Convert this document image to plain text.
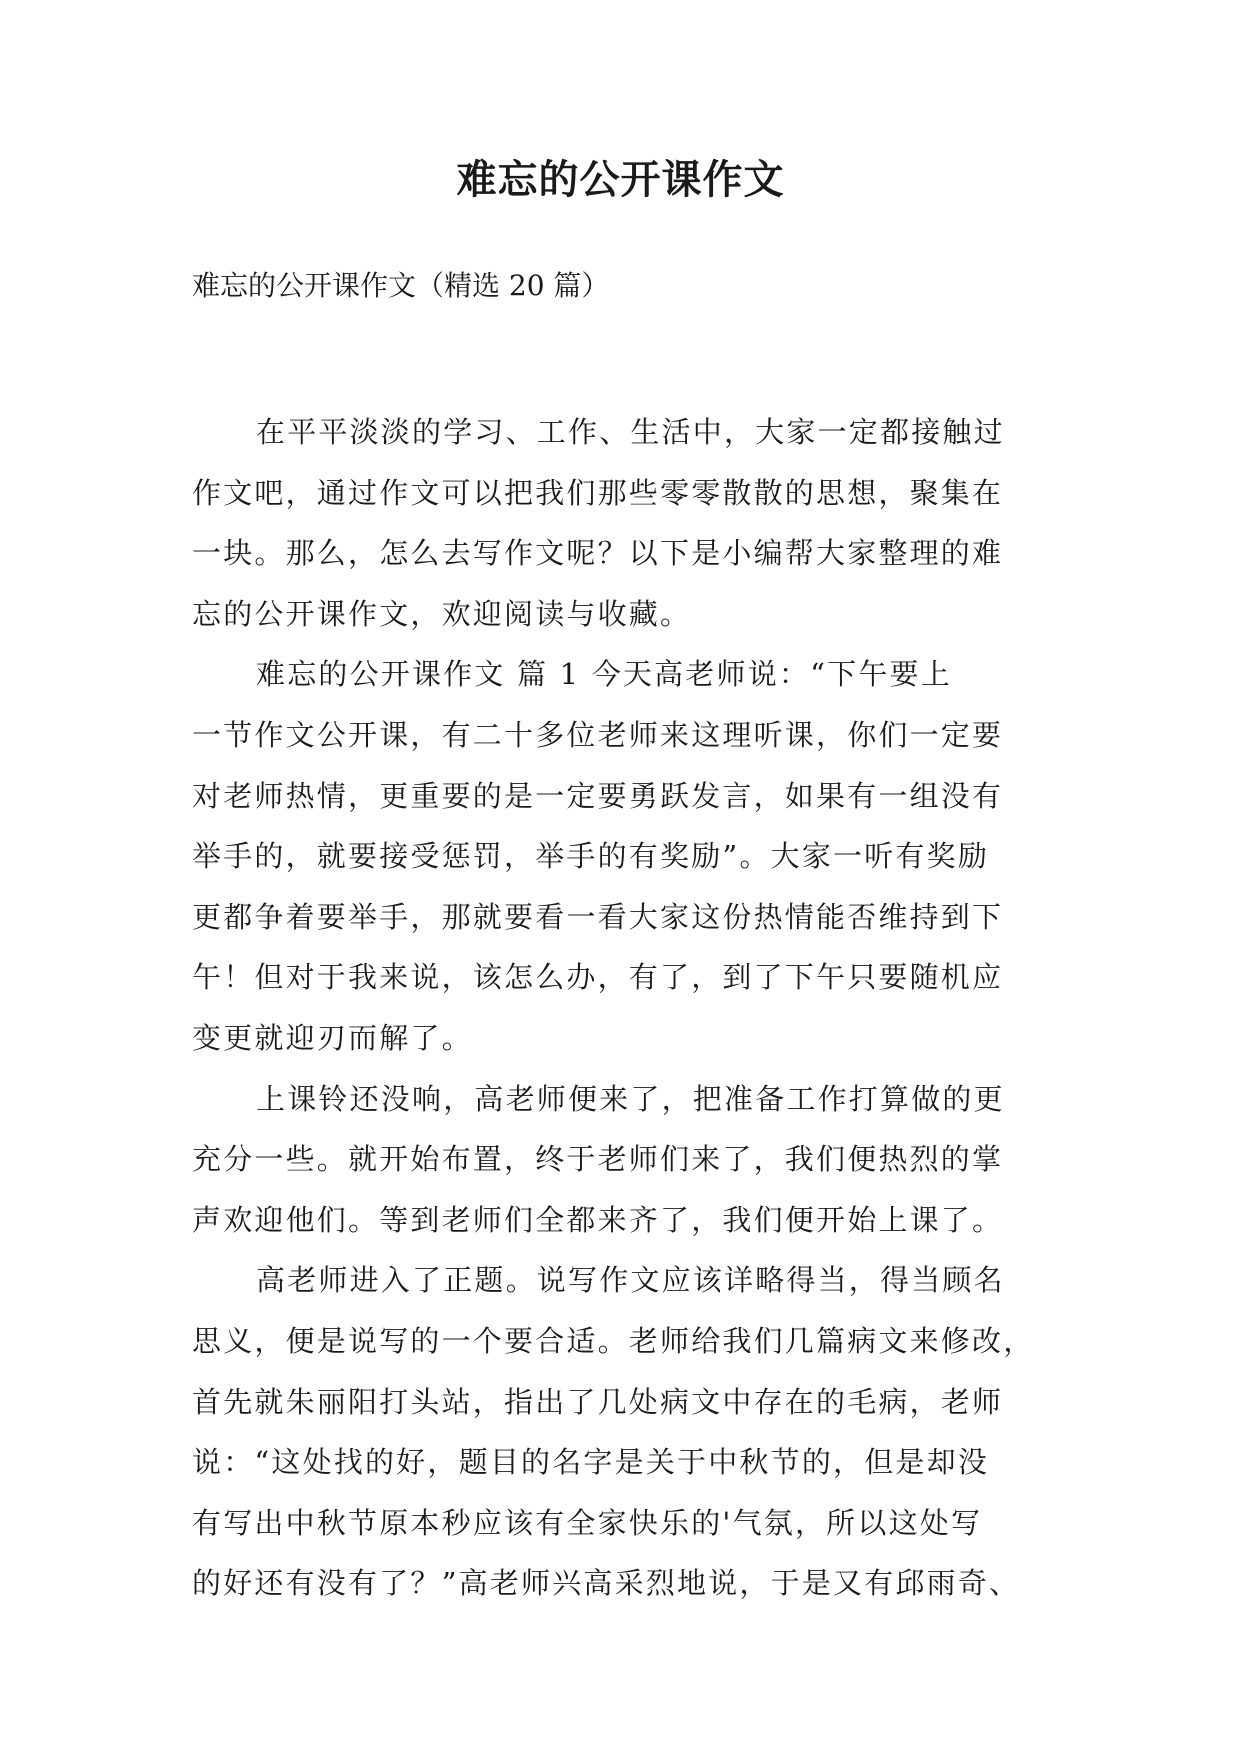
难忘的公开课作文
难忘的公开课作文（精选 20 篇）
在平平淡淡的学习、工作、生活中，大家一定都接触过
作文吧，通过作文可以把我们那些零零散散的思想，聚集在
一块。那么，怎么去写作文呢？以下是小编帮大家整理的难
忘的公开课作文，欢迎阅读与收藏。
难忘的公开课作文 篇 1 今天高老师说：“下午要上
一节作文公开课，有二十多位老师来这理听课，你们一定要
对老师热情，更重要的是一定要勇跃发言，如果有一组没有
举手的，就要接受惩罚，举手的有奖励”。大家一听有奖励
更都争着要举手，那就要看一看大家这份热情能否维持到下
午！但对于我来说，该怎么办，有了，到了下午只要随机应
变更就迎刃而解了。
上课铃还没响，高老师便来了，把准备工作打算做的更
充分一些。就开始布置，终于老师们来了，我们便热烈的掌
声欢迎他们。等到老师们全都来齐了，我们便开始上课了。
高老师进入了正题。说写作文应该详略得当，得当顾名
思义，便是说写的一个要合适。老师给我们几篇病文来修改，
首先就朱丽阳打头站，指出了几处病文中存在的毛病，老师
说：“这处找的好，题目的名字是关于中秋节的，但是却没
有写出中秋节原本秒应该有全家快乐的'气氛，所以这处写
的好还有没有了？”高老师兴高采烈地说，于是又有邱雨奇、
